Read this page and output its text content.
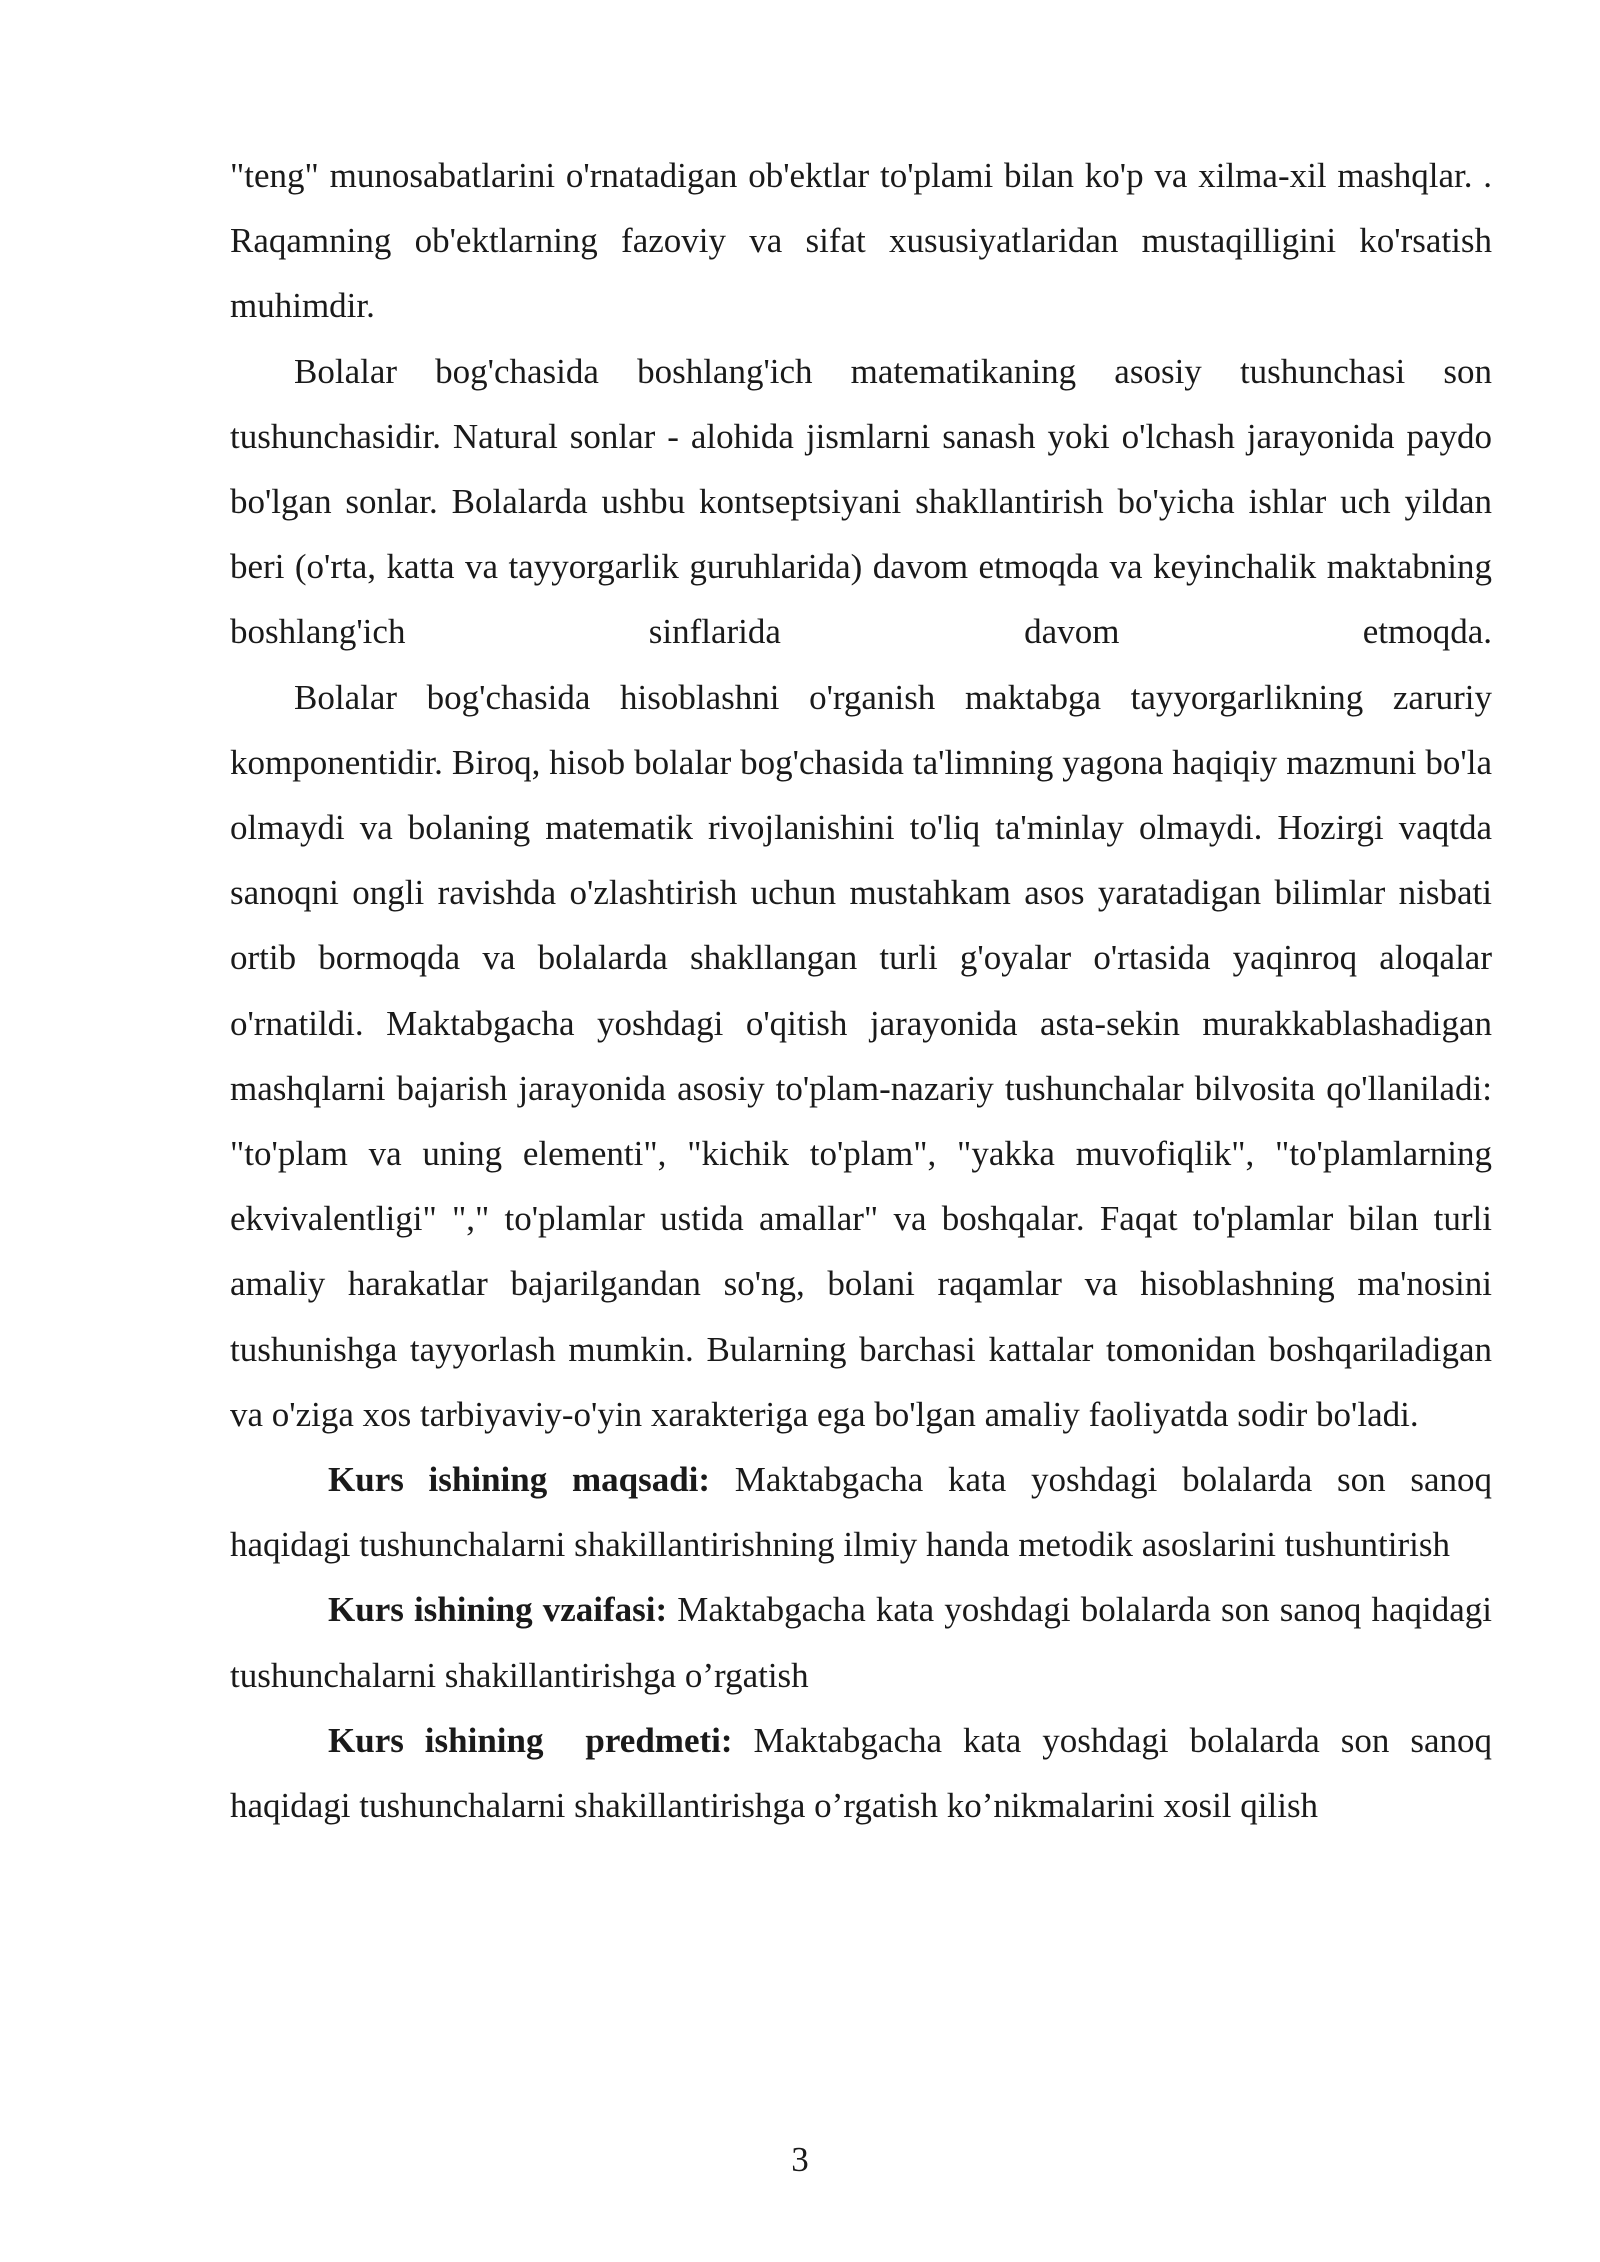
"teng" munosabatlarini o'rnatadigan ob'ektlar to'plami bilan ko'p va xilma-xil mashqlar. . Raqamning ob'ektlarning fazoviy va sifat xususiyatlaridan mustaqilligini ko'rsatish muhimdir.

Bolalar bog'chasida boshlang'ich matematikaning asosiy tushunchasi son tushunchasidir. Natural sonlar - alohida jismlarni sanash yoki o'lchash jarayonida paydo bo'lgan sonlar. Bolalarda ushbu kontseptsiyani shakllantirish bo'yicha ishlar uch yildan beri (o'rta, katta va tayyorgarlik guruhlarida) davom etmoqda va keyinchalik maktabning boshlang'ich sinflarida davom etmoqda.

Bolalar bog'chasida hisoblashni o'rganish maktabga tayyorgarlikning zaruriy komponentidir. Biroq, hisob bolalar bog'chasida ta'limning yagona haqiqiy mazmuni bo'la olmaydi va bolaning matematik rivojlanishini to'liq ta'minlay olmaydi. Hozirgi vaqtda sanoqni ongli ravishda o'zlashtirish uchun mustahkam asos yaratadigan bilimlar nisbati ortib bormoqda va bolalarda shakllangan turli g'oyalar o'rtasida yaqinroq aloqalar o'rnatildi. Maktabgacha yoshdagi o'qitish jarayonida asta-sekin murakkablashadigan mashqlarni bajarish jarayonida asosiy to'plam-nazariy tushunchalar bilvosita qo'llaniladi: "to'plam va uning elementi", "kichik to'plam", "yakka muvofiqlik", "to'plamlarning ekvivalentligi" "," to'plamlar ustida amallar" va boshqalar. Faqat to'plamlar bilan turli amaliy harakatlar bajarilgandan so'ng, bolani raqamlar va hisoblashning ma'nosini tushunishga tayyorlash mumkin. Bularning barchasi kattalar tomonidan boshqariladigan va o'ziga xos tarbiyaviy-o'yin xarakteriga ega bo'lgan amaliy faoliyatda sodir bo'ladi.

Kurs ishining maqsadi: Maktabgacha kata yoshdagi bolalarda son sanoq haqidagi tushunchalarni shakillantirishning ilmiy handa metodik asoslarini tushuntirish

Kurs ishining vzaifasi: Maktabgacha kata yoshdagi bolalarda son sanoq haqidagi tushunchalarni shakillantirishga o’rgatish

Kurs ishining  predmeti: Maktabgacha kata yoshdagi bolalarda son sanoq haqidagi tushunchalarni shakillantirishga o’rgatish ko’nikmalarini xosil qilish

3
